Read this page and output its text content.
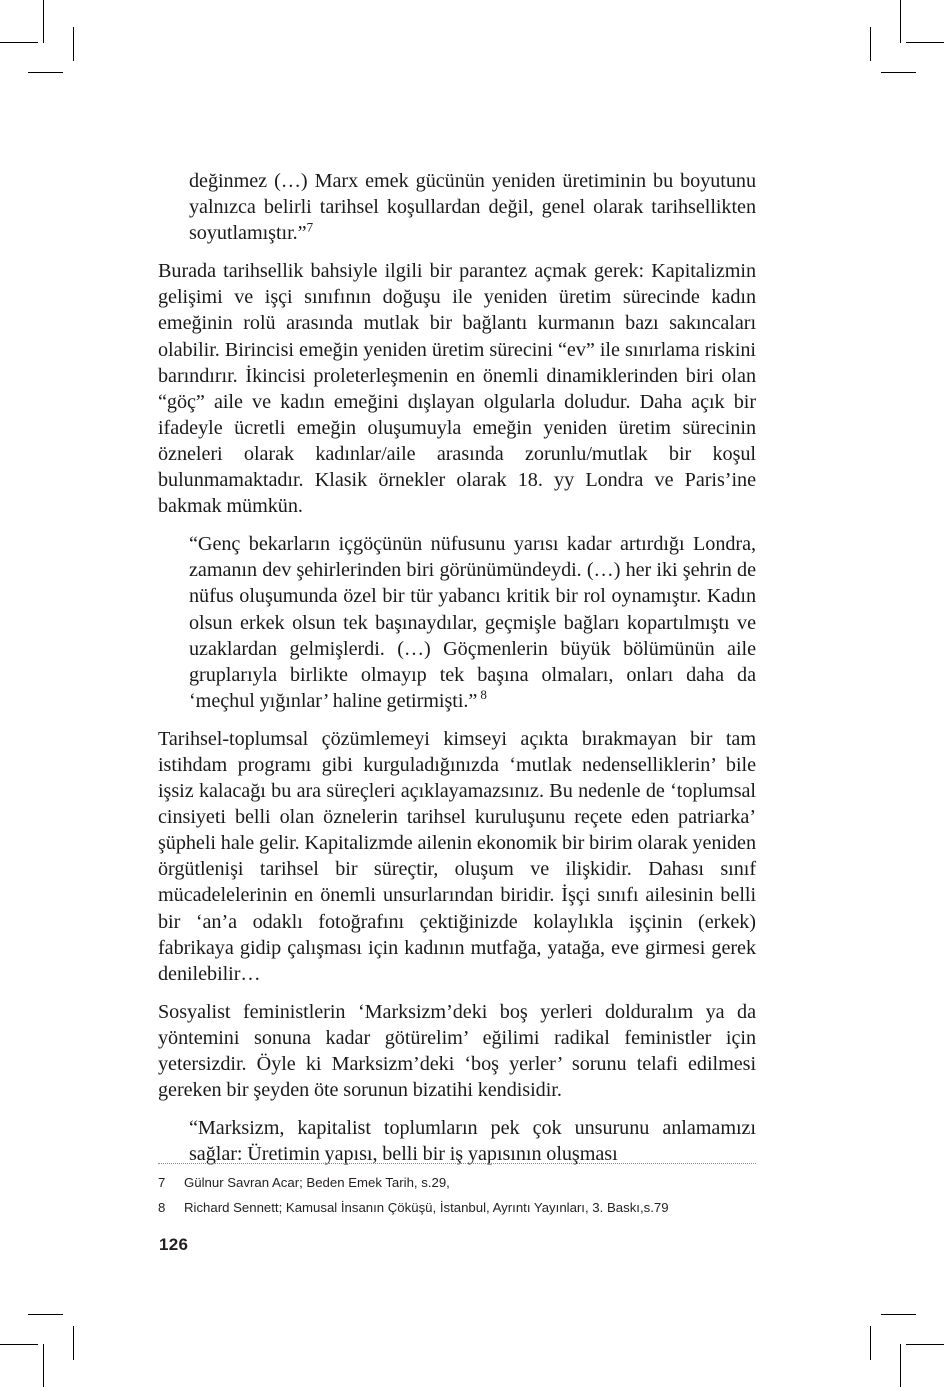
değinmez (…) Marx emek gücünün yeniden üretiminin bu boyutunu yalnızca belirli tarihsel koşullardan değil, genel olarak tarihsellikten soyutlamıştır.”$^7$

Burada tarihsellik bahsiyle ilgili bir parantez açmak gerek: Kapitalizmin gelişimi ve işçi sınıfının doğuşu ile yeniden üretim sürecinde kadın emeğinin rolü arasında mutlak bir bağlantı kurmanın bazı sakıncaları olabilir. Birincisi emeğin yeniden üretim sürecini “ev” ile sınırlama riskini barındırır. İkincisi proleterleşmenin en önemli dinamiklerinden biri olan “göç” aile ve kadın emeğini dışlayan olgularla doludur. Daha açık bir ifadeyle ücretli emeğin oluşumuyla emeğin yeniden üretim sürecinin özneleri olarak kadınlar/aile arasında zorunlu/mutlak bir koşul bulunmamaktadır. Klasik örnekler olarak 18. yy Londra ve Paris’ine bakmak mümkün.

“Genç bekarların içgöçünün nüfusunu yarısı kadar artırdığı Londra, zamanın dev şehirlerinden biri görünümündeydi. (…) her iki şehrin de nüfus oluşumunda özel bir tür yabancı kritik bir rol oynamıştır. Kadın olsun erkek olsun tek başınaydılar, geçmişle bağları kopartılmıştı ve uzaklardan gelmişlerdi. (…) Göçmenlerin büyük bölümünün aile gruplarıyla birlikte olmayıp tek başına olmaları, onları daha da ‘meçhul yığınlar’ haline getirmişti.” $^8$

Tarihsel-toplumsal çözümlemeyi kimseyi açıkta bırakmayan bir tam istihdam programı gibi kurguladığınızda ‘mutlak nedenselliklerin’ bile işsiz kalacağı bu ara süreçleri açıklayamazsınız. Bu nedenle de ‘toplumsal cinsiyeti belli olan öznelerin tarihsel kuruluşunu reçete eden patriarka’ şüpheli hale gelir. Kapitalizmde ailenin ekonomik bir birim olarak yeniden örgütlenişi tarihsel bir süreçtir, oluşum ve ilişkidir. Dahası sınıf mücadelelerinin en önemli unsurlarından biridir. İşçi sınıfı ailesinin belli bir ‘an’a odaklı fotoğrafını çektiğinizde kolaylıkla işçinin (erkek) fabrikaya gidip çalışması için kadının mutfağa, yatağa, eve girmesi gerek denilebilir…

Sosyalist feministlerin ‘Marksizm’deki boş yerleri dolduralım ya da yöntemini sonuna kadar götürelim’ eğilimi radikal feministler için yetersizdir. Öyle ki Marksizm’deki ‘boş yerler’ sorunu telafi edilmesi gereken bir şeyden öte sorunun bizatihi kendisidir.

“Marksizm, kapitalist toplumların pek çok unsurunu anlamamızı sağlar: Üretimin yapısı, belli bir iş yapısının oluşması

7	Gülnur Savran Acar; Beden Emek Tarih, s.29,
8	Richard Sennett; Kamusal İnsanın Çöküşü, İstanbul, Ayrıntı Yayınları, 3. Baskı,s.79
126
